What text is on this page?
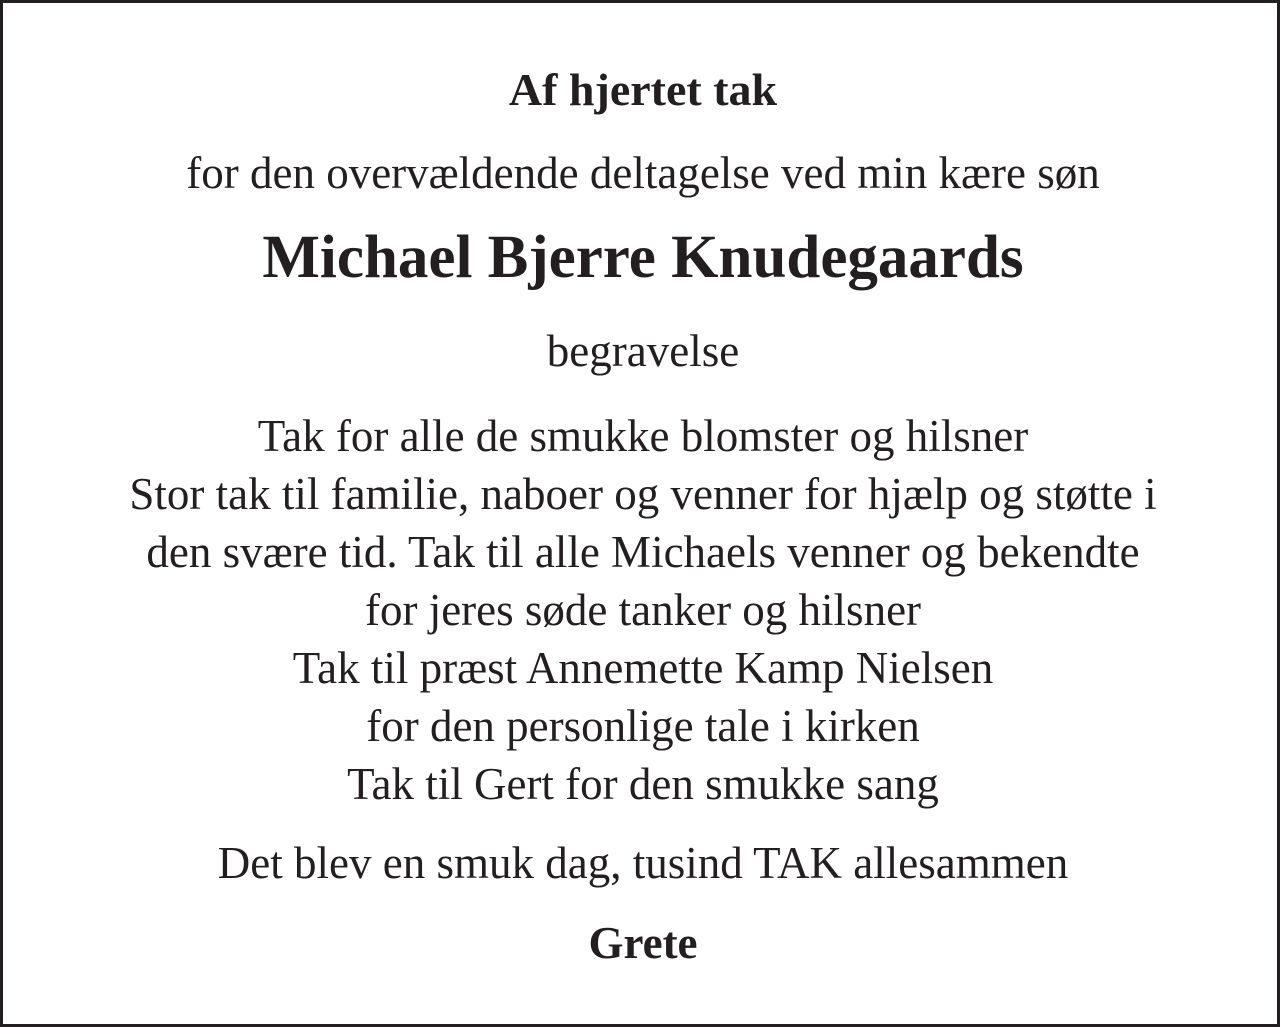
Af hjertet tak
for den overvældende deltagelse ved min kære søn
Michael Bjerre Knudegaards
begravelse
Tak for alle de smukke blomster og hilsner
Stor tak til familie, naboer og venner for hjælp og støtte i
den svære tid. Tak til alle Michaels venner og bekendte
for jeres søde tanker og hilsner
Tak til præst Annemette Kamp Nielsen
for den personlige tale i kirken
Tak til Gert for den smukke sang
Det blev en smuk dag, tusind TAK allesammen
Grete
